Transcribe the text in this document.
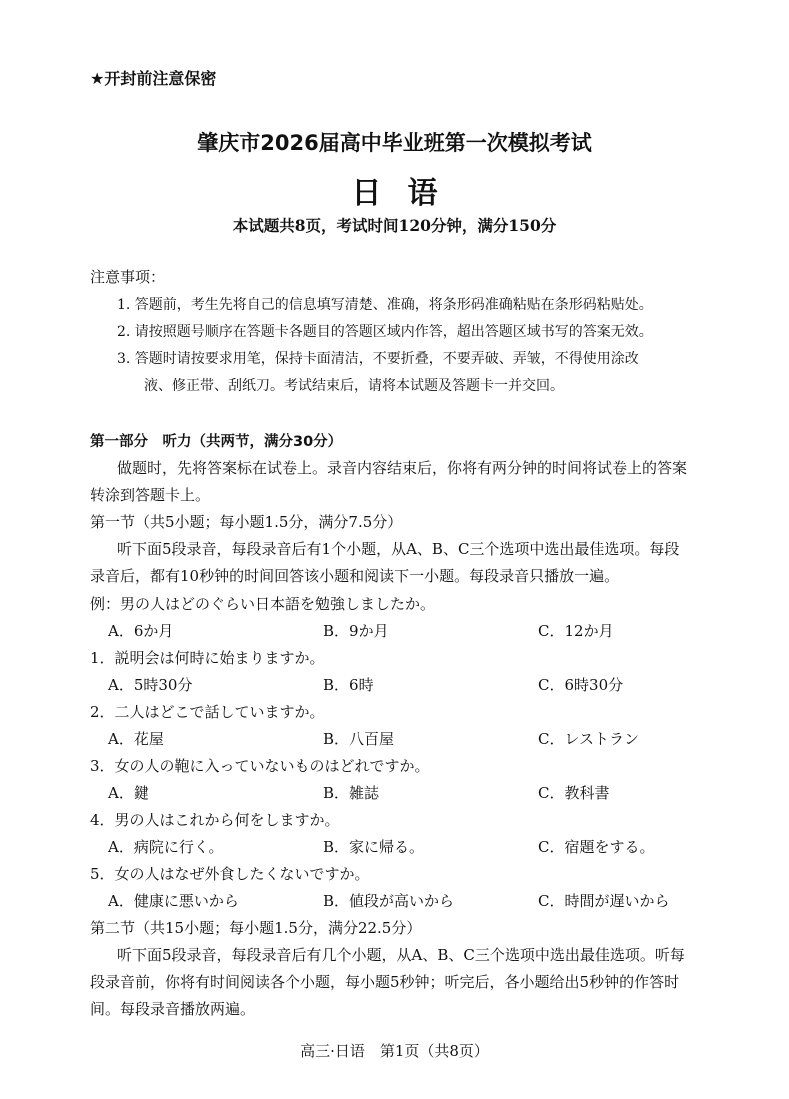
★开封前注意保密
肇庆市2026届高中毕业班第一次模拟考试
日语
本试题共8页，考试时间120分钟，满分150分
注意事项：
1. 答题前，考生先将自己的信息填写清楚、准确，将条形码准确粘贴在条形码粘贴处。
2. 请按照题号顺序在答题卡各题目的答题区域内作答，超出答题区域书写的答案无效。
3. 答题时请按要求用笔，保持卡面清洁，不要折叠，不要弄破、弄皱，不得使用涂改
液、修正带、刮纸刀。考试结束后，请将本试题及答题卡一并交回。
第一部分　听力（共两节，满分30分）
做题时，先将答案标在试卷上。录音内容结束后，你将有两分钟的时间将试卷上的答案
转涂到答题卡上。
第一节（共5小题；每小题1.5分，满分7.5分）
听下面5段录音，每段录音后有1个小题，从A、B、C三个选项中选出最佳选项。每段
录音后，都有10秒钟的时间回答该小题和阅读下一小题。每段录音只播放一遍。
例：男の人はどのぐらい日本語を勉強しましたか。
A．6か月	B．9か月	C．12か月
1．説明会は何時に始まりますか。
A．5時30分	B．6時	C．6時30分
2．二人はどこで話していますか。
A．花屋	B．八百屋	C．レストラン
3．女の人の鞄に入っていないものはどれですか。
A．鍵	B．雑誌	C．教科書
4．男の人はこれから何をしますか。
A．病院に行く。	B．家に帰る。	C．宿題をする。
5．女の人はなぜ外食したくないですか。
A．健康に悪いから	B．値段が高いから	C．時間が遅いから
第二节（共15小题；每小题1.5分，满分22.5分）
听下面5段录音，每段录音后有几个小题，从A、B、C三个选项中选出最佳选项。听每
段录音前，你将有时间阅读各个小题，每小题5秒钟；听完后，各小题给出5秒钟的作答时
间。每段录音播放两遍。
高三·日语　第1页（共8页）
